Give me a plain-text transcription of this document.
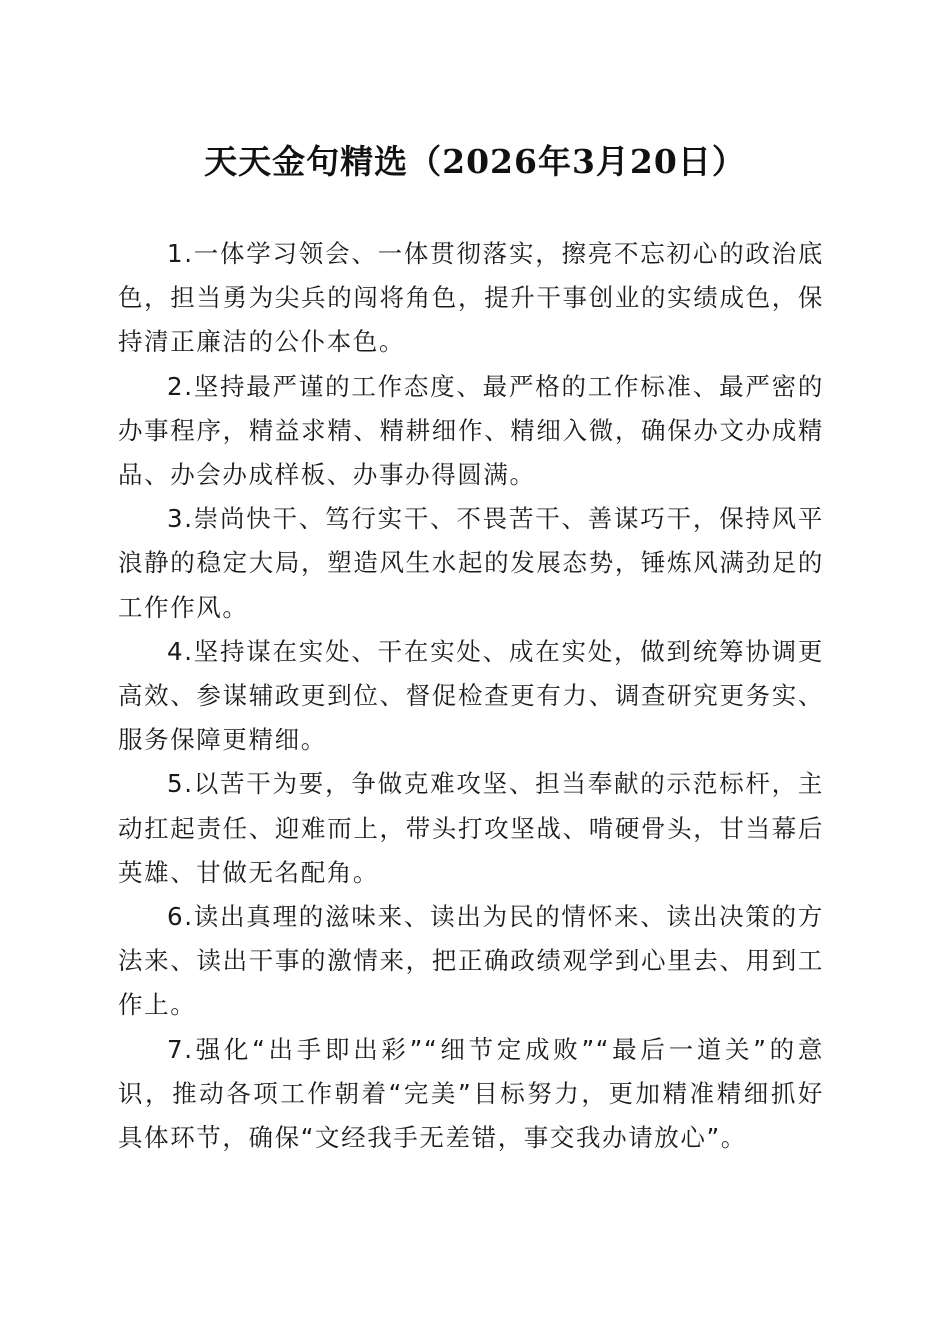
天天金句精选（2026年3月20日）

1.一体学习领会、一体贯彻落实，擦亮不忘初心的政治底色，担当勇为尖兵的闯将角色，提升干事创业的实绩成色，保持清正廉洁的公仆本色。

2.坚持最严谨的工作态度、最严格的工作标准、最严密的办事程序，精益求精、精耕细作、精细入微，确保办文办成精品、办会办成样板、办事办得圆满。

3.崇尚快干、笃行实干、不畏苦干、善谋巧干，保持风平浪静的稳定大局，塑造风生水起的发展态势，锤炼风满劲足的工作作风。

4.坚持谋在实处、干在实处、成在实处，做到统筹协调更高效、参谋辅政更到位、督促检查更有力、调查研究更务实、服务保障更精细。

5.以苦干为要，争做克难攻坚、担当奉献的示范标杆，主动扛起责任、迎难而上，带头打攻坚战、啃硬骨头，甘当幕后英雄、甘做无名配角。

6.读出真理的滋味来、读出为民的情怀来、读出决策的方法来、读出干事的激情来，把正确政绩观学到心里去、用到工作上。

7.强化“出手即出彩”“细节定成败”“最后一道关”的意识，推动各项工作朝着“完美”目标努力，更加精准精细抓好具体环节，确保“文经我手无差错，事交我办请放心”。
